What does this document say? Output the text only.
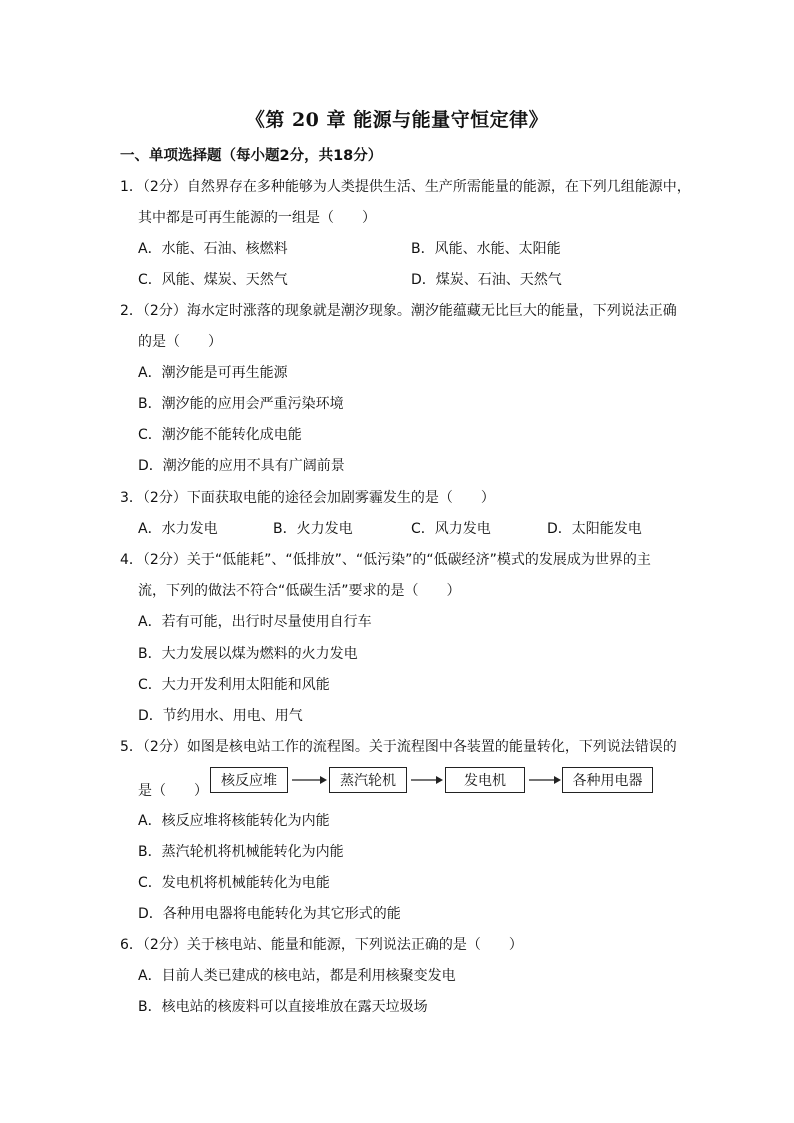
《第 20 章 能源与能量守恒定律》
一、单项选择题（每小题2分，共18分）
1．（2分）自然界存在多种能够为人类提供生活、生产所需能量的能源，在下列几组能源中，
其中都是可再生能源的一组是（　　）
A．水能、石油、核燃料	B．风能、水能、太阳能
C．风能、煤炭、天然气	D．煤炭、石油、天然气
2．（2分）海水定时涨落的现象就是潮汐现象。潮汐能蕴藏无比巨大的能量，下列说法正确
的是（　　）
A．潮汐能是可再生能源
B．潮汐能的应用会严重污染环境
C．潮汐能不能转化成电能
D．潮汐能的应用不具有广阔前景
3．（2分）下面获取电能的途径会加剧雾霾发生的是（　　）
A．水力发电	B．火力发电	C．风力发电	D．太阳能发电
4．（2分）关于“低能耗”、“低排放”、“低污染”的“低碳经济”模式的发展成为世界的主
流，下列的做法不符合“低碳生活”要求的是（　　）
A．若有可能，出行时尽量使用自行车
B．大力发展以煤为燃料的火力发电
C．大力开发利用太阳能和风能
D．节约用水、用电、用气
5．（2分）如图是核电站工作的流程图。关于流程图中各装置的能量转化，下列说法错误的
是（　　）
核反应堆	蒸汽轮机	发电机	各种用电器
A．核反应堆将核能转化为内能
B．蒸汽轮机将机械能转化为内能
C．发电机将机械能转化为电能
D．各种用电器将电能转化为其它形式的能
6．（2分）关于核电站、能量和能源，下列说法正确的是（　　）
A．目前人类已建成的核电站，都是利用核聚变发电
B．核电站的核废料可以直接堆放在露天垃圾场
